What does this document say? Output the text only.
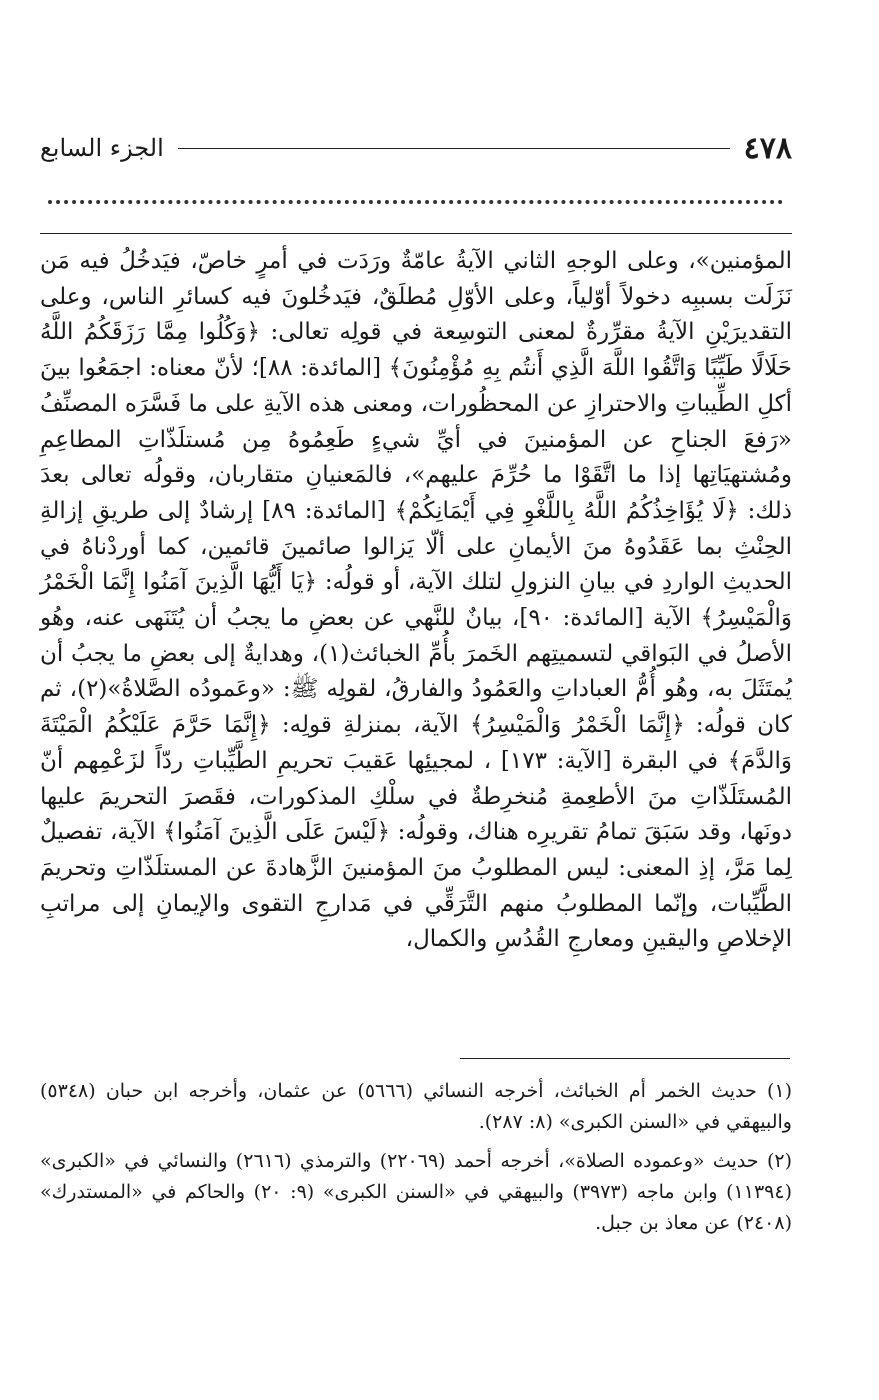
٤٧٨
الجزء السابع

المؤمنين»، وعلى الوجهِ الثاني الآيةُ عامّةٌ ورَدَت في أمرٍ خاصّ، فيَدخُلُ فيه مَن نَزَلَت بسببِه دخولاً أوّلياً، وعلى الأوّلِ مُطلَقٌ، فيَدخُلونَ فيه كسائرِ الناس، وعلى التقديرَيْنِ الآيةُ مقرِّرةٌ لمعنى التوسِعة في قولِه تعالى: ﴿وَكُلُوا مِمَّا رَزَقَكُمُ اللَّهُ حَلَالًا طَيِّبًا وَاتَّقُوا اللَّهَ الَّذِي أَنتُم بِهِ مُؤْمِنُونَ﴾ [المائدة: ٨٨]؛ لأنّ معناه: اجمَعُوا بينَ أكلِ الطِّيباتِ والاحترازِ عن المحظُورات، ومعنى هذه الآيةِ على ما فَسَّرَه المصنِّفُ «رَفعَ الجناحِ عن المؤمنينَ في أيِّ شيءٍ طَعِمُوهُ مِن مُستلَذّاتِ المطاعِمِ ومُشتهيَاتِها إذا ما اتَّقَوْا ما حُرِّمَ عليهم»، فالمَعنيانِ متقاربان، وقولُه تعالى بعدَ ذلك: ﴿لَا يُؤَاخِذُكُمُ اللَّهُ بِاللَّغْوِ فِي أَيْمَانِكُمْ﴾ [المائدة: ٨٩] إرشادٌ إلى طريقِ إزالةِ الحِنْثِ بما عَقَدُوهُ منَ الأيمانِ على ألّا يَزالوا صائمينَ قائمين، كما أوردْناهُ في الحديثِ الواردِ في بيانِ النزولِ لتلك الآية، أو قولُه: ﴿يَا أَيُّهَا الَّذِينَ آمَنُوا إِنَّمَا الْخَمْرُ وَالْمَيْسِرُ﴾ الآية [المائدة: ٩٠]، بيانٌ للنَّهي عن بعضِ ما يجبُ أن يُتَنَهى عنه، وهُو الأصلُ في البَواقي لتسميتِهم الخَمرَ بأُمِّ الخبائث(١)، وهدايةٌ إلى بعضِ ما يجبُ أن يُمتَثَلَ به، وهُو أُمُّ العباداتِ والعَمُودُ والفارقُ، لقولِه ﷺ: «وعَمودُه الصَّلاةُ»(٢)، ثم كان قولُه: ﴿إِنَّمَا الْخَمْرُ وَالْمَيْسِرُ﴾ الآية، بمنزلةِ قولِه: ﴿إِنَّمَا حَرَّمَ عَلَيْكُمُ الْمَيْتَةَ وَالدَّمَ﴾ في البقرة [الآية: ١٧٣] ، لمجيئِها عَقيبَ تحريمِ الطَّيِّباتِ ردّاً لزَعْمِهم أنّ المُستَلَذّاتِ منَ الأطعِمةِ مُنخرِطةٌ في سلْكِ المذكورات، فقَصرَ التحريمَ عليها دونَها، وقد سَبَقَ تمامُ تقريرِه هناك، وقولُه: ﴿لَيْسَ عَلَى الَّذِينَ آمَنُوا﴾ الآية، تفصيلٌ لِما مَرَّ، إذِ المعنى: ليس المطلوبُ منَ المؤمنينَ الزَّهادةَ عن المستلَذّاتِ وتحريمَ الطَّيِّبات، وإنّما المطلوبُ منهم التَّرَقِّي في مَدارجِ التقوى والإيمانِ إلى مراتبِ الإخلاصِ واليقينِ ومعارجِ القُدُسِ والكمال،

(١) حديث الخمر أم الخبائث، أخرجه النسائي (٥٦٦٦) عن عثمان، وأخرجه ابن حبان (٥٣٤٨) والبيهقي في «السنن الكبرى» (٨: ٢٨٧).

(٢) حديث «وعموده الصلاة»، أخرجه أحمد (٢٢٠٦٩) والترمذي (٢٦١٦) والنسائي في «الكبرى» (١١٣٩٤) وابن ماجه (٣٩٧٣) والبيهقي في «السنن الكبرى» (٩: ٢٠) والحاكم في «المستدرك» (٢٤٠٨) عن معاذ بن جبل.
